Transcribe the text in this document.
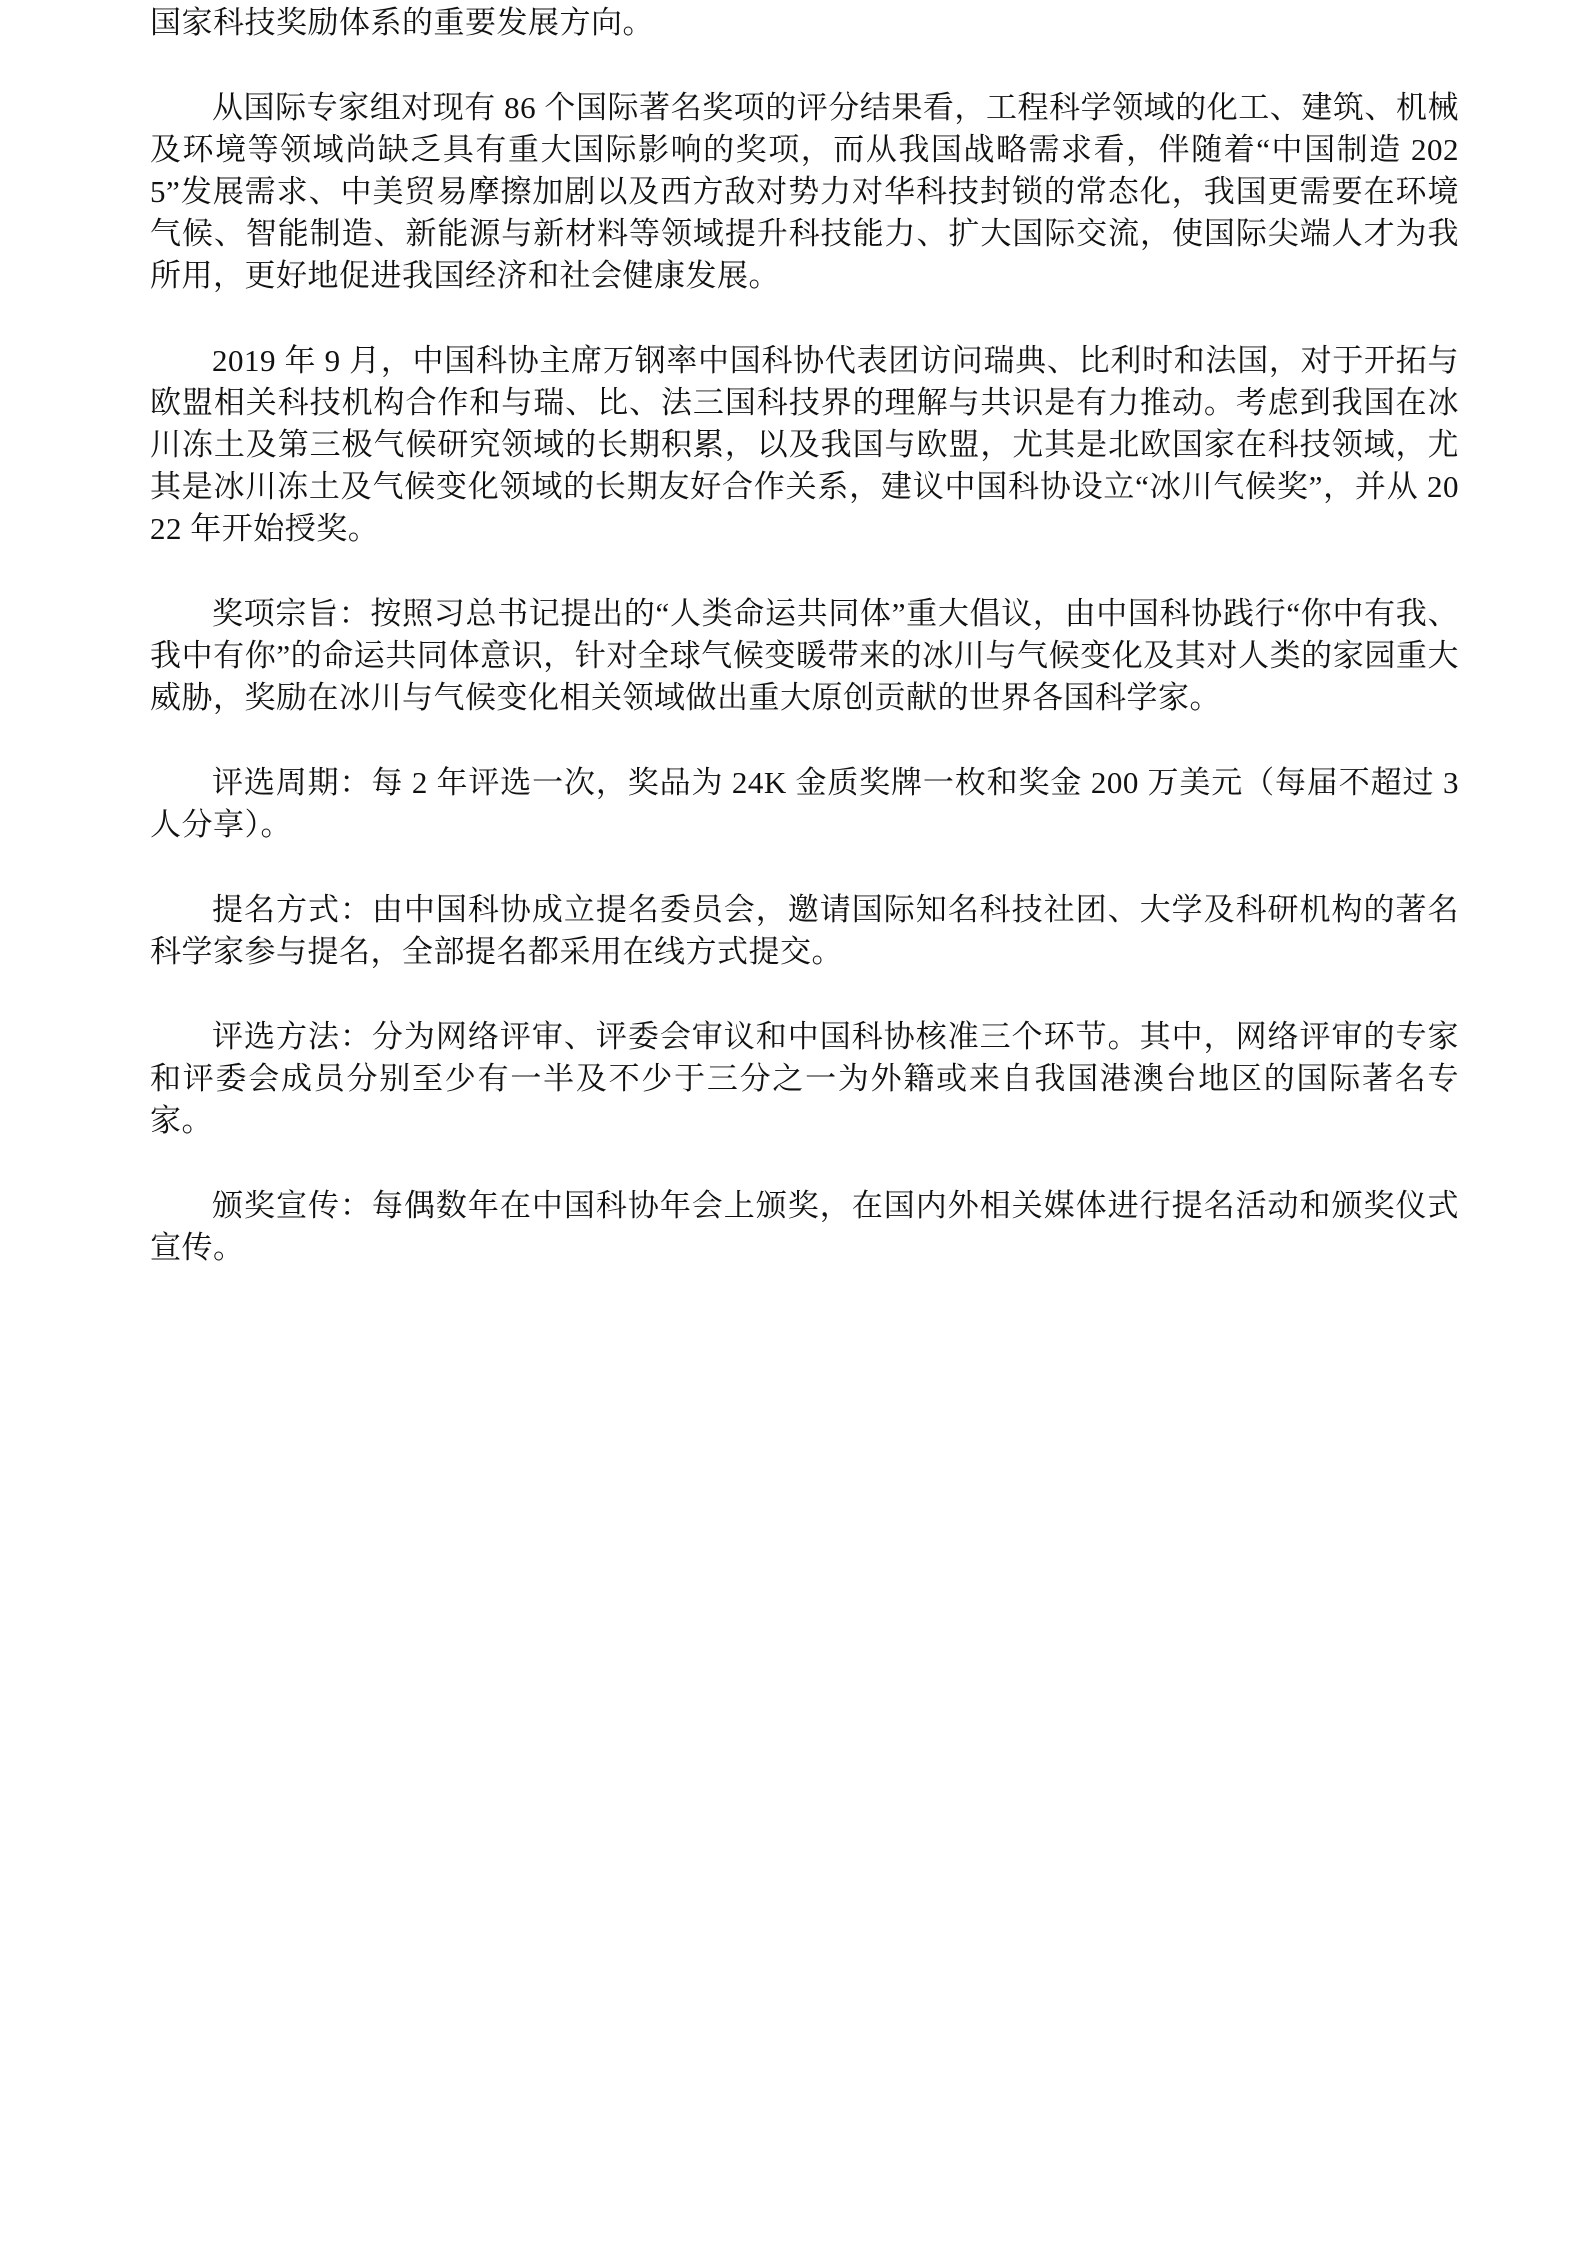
国家科技奖励体系的重要发展方向。

从国际专家组对现有 86 个国际著名奖项的评分结果看，工程科学领域的化工、建筑、机械及环境等领域尚缺乏具有重大国际影响的奖项，而从我国战略需求看，伴随着“中国制造 2025”发展需求、中美贸易摩擦加剧以及西方敌对势力对华科技封锁的常态化，我国更需要在环境气候、智能制造、新能源与新材料等领域提升科技能力、扩大国际交流，使国际尖端人才为我所用，更好地促进我国经济和社会健康发展。

2019 年 9 月，中国科协主席万钢率中国科协代表团访问瑞典、比利时和法国，对于开拓与欧盟相关科技机构合作和与瑞、比、法三国科技界的理解与共识是有力推动。考虑到我国在冰川冻土及第三极气候研究领域的长期积累，以及我国与欧盟，尤其是北欧国家在科技领域，尤其是冰川冻土及气候变化领域的长期友好合作关系，建议中国科协设立“冰川气候奖”，并从 2022 年开始授奖。

奖项宗旨：按照习总书记提出的“人类命运共同体”重大倡议，由中国科协践行“你中有我、我中有你”的命运共同体意识，针对全球气候变暖带来的冰川与气候变化及其对人类的家园重大威胁，奖励在冰川与气候变化相关领域做出重大原创贡献的世界各国科学家。

评选周期：每 2 年评选一次，奖品为 24K 金质奖牌一枚和奖金 200 万美元（每届不超过 3 人分享）。

提名方式：由中国科协成立提名委员会，邀请国际知名科技社团、大学及科研机构的著名科学家参与提名，全部提名都采用在线方式提交。

评选方法：分为网络评审、评委会审议和中国科协核准三个环节。其中，网络评审的专家和评委会成员分别至少有一半及不少于三分之一为外籍或来自我国港澳台地区的国际著名专家。

颁奖宣传：每偶数年在中国科协年会上颁奖，在国内外相关媒体进行提名活动和颁奖仪式宣传。
